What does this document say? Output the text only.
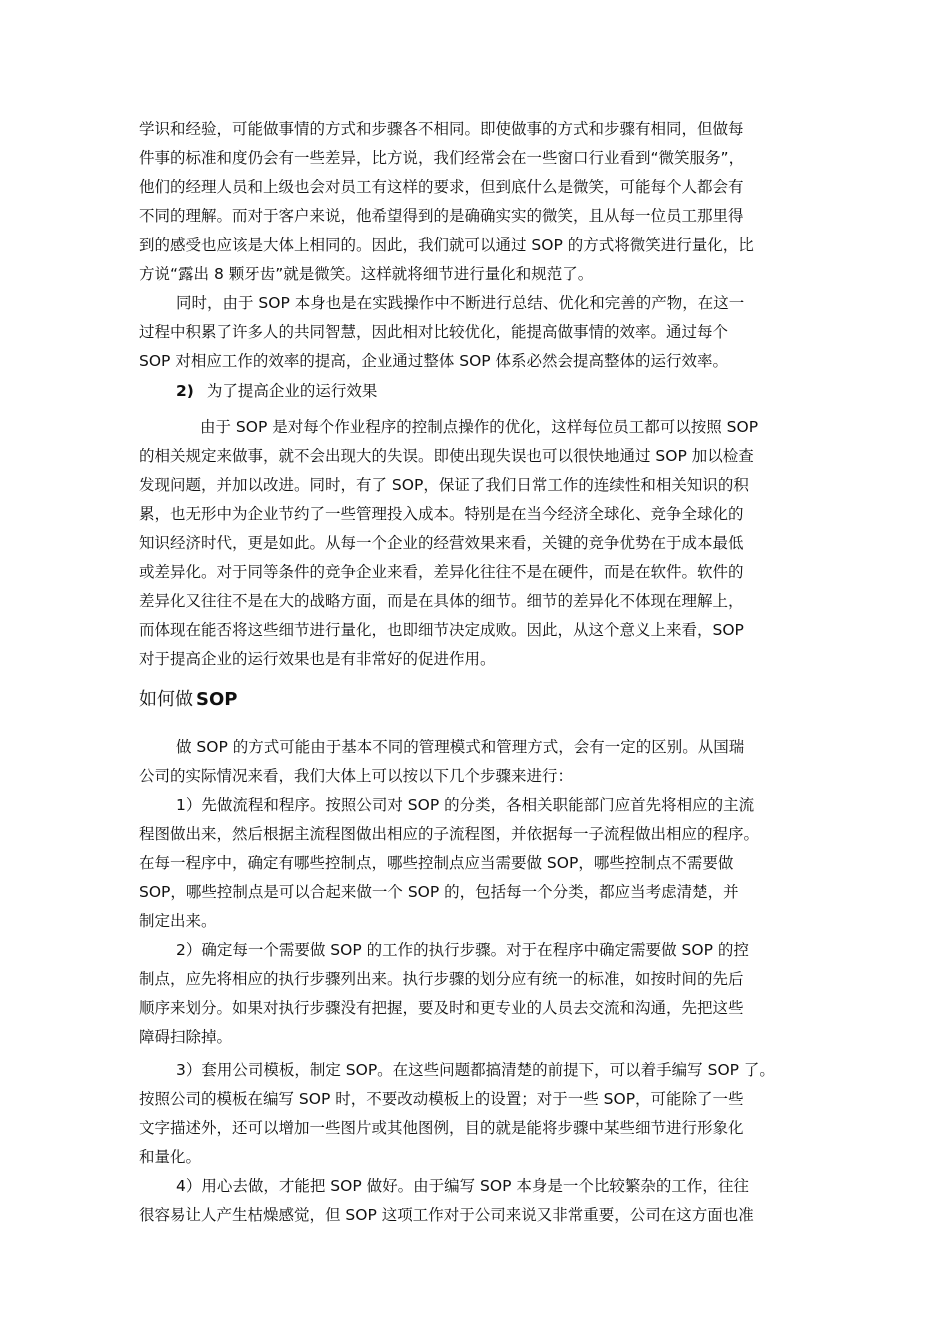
学识和经验，可能做事情的方式和步骤各不相同。即使做事的方式和步骤有相同，但做每
件事的标准和度仍会有一些差异，比方说，我们经常会在一些窗口行业看到“微笑服务”，
他们的经理人员和上级也会对员工有这样的要求，但到底什么是微笑，可能每个人都会有
不同的理解。而对于客户来说，他希望得到的是确确实实的微笑，且从每一位员工那里得
到的感受也应该是大体上相同的。因此，我们就可以通过 SOP 的方式将微笑进行量化，比
方说“露出 8 颗牙齿”就是微笑。这样就将细节进行量化和规范了。
同时，由于 SOP 本身也是在实践操作中不断进行总结、优化和完善的产物，在这一
过程中积累了许多人的共同智慧，因此相对比较优化，能提高做事情的效率。通过每个
SOP 对相应工作的效率的提高，企业通过整体 SOP 体系必然会提高整体的运行效率。
2) 为了提高企业的运行效果
由于 SOP 是对每个作业程序的控制点操作的优化，这样每位员工都可以按照 SOP
的相关规定来做事，就不会出现大的失误。即使出现失误也可以很快地通过 SOP 加以检查
发现问题，并加以改进。同时，有了 SOP，保证了我们日常工作的连续性和相关知识的积
累，也无形中为企业节约了一些管理投入成本。特别是在当今经济全球化、竞争全球化的
知识经济时代，更是如此。从每一个企业的经营效果来看，关键的竞争优势在于成本最低
或差异化。对于同等条件的竞争企业来看，差异化往往不是在硬件，而是在软件。软件的
差异化又往往不是在大的战略方面，而是在具体的细节。细节的差异化不体现在理解上，
而体现在能否将这些细节进行量化，也即细节决定成败。因此，从这个意义上来看，SOP
对于提高企业的运行效果也是有非常好的促进作用。
如何做 SOP
做 SOP 的方式可能由于基本不同的管理模式和管理方式，会有一定的区别。从国瑞
公司的实际情况来看，我们大体上可以按以下几个步骤来进行：
1）先做流程和程序。按照公司对 SOP 的分类，各相关职能部门应首先将相应的主流
程图做出来，然后根据主流程图做出相应的子流程图，并依据每一子流程做出相应的程序。
在每一程序中，确定有哪些控制点，哪些控制点应当需要做 SOP，哪些控制点不需要做
SOP，哪些控制点是可以合起来做一个 SOP 的，包括每一个分类，都应当考虑清楚，并
制定出来。
2）确定每一个需要做 SOP 的工作的执行步骤。对于在程序中确定需要做 SOP 的控
制点，应先将相应的执行步骤列出来。执行步骤的划分应有统一的标准，如按时间的先后
顺序来划分。如果对执行步骤没有把握，要及时和更专业的人员去交流和沟通，先把这些
障碍扫除掉。
3）套用公司模板，制定 SOP。在这些问题都搞清楚的前提下，可以着手编写 SOP 了。
按照公司的模板在编写 SOP 时，不要改动模板上的设置；对于一些 SOP，可能除了一些
文字描述外，还可以增加一些图片或其他图例，目的就是能将步骤中某些细节进行形象化
和量化。
4）用心去做，才能把 SOP 做好。由于编写 SOP 本身是一个比较繁杂的工作，往往
很容易让人产生枯燥感觉，但 SOP 这项工作对于公司来说又非常重要，公司在这方面也准
